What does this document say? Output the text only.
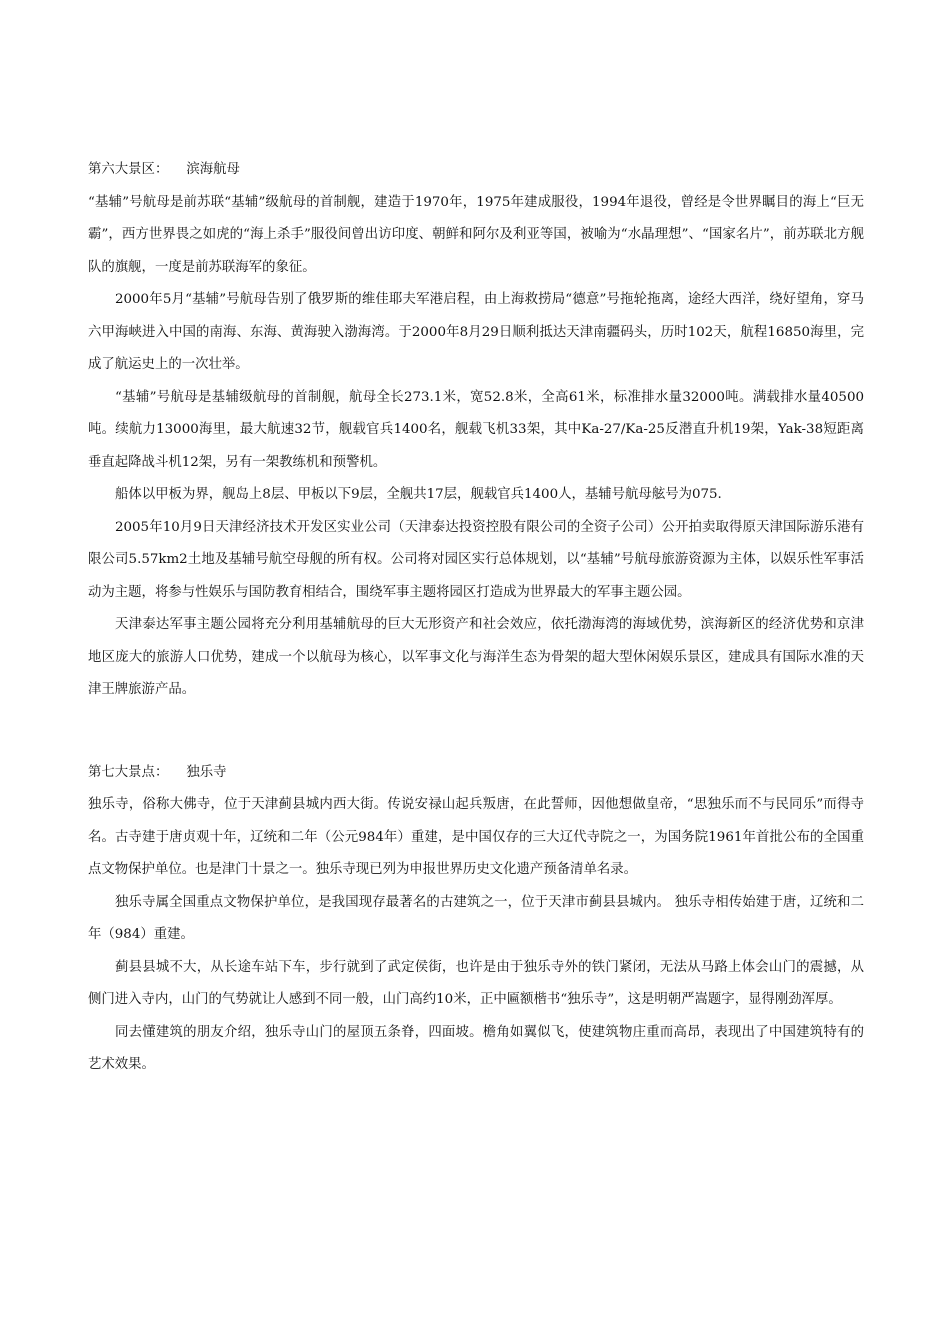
第六大景区： 滨海航母

“基辅”号航母是前苏联“基辅”级航母的首制舰，建造于1970年，1975年建成服役，1994年退役，曾经是令世界瞩目的海上“巨无霸”，西方世界畏之如虎的“海上杀手”服役间曾出访印度、朝鲜和阿尔及利亚等国，被喻为“水晶理想”、“国家名片”，前苏联北方舰队的旗舰，一度是前苏联海军的象征。

2000年5月“基辅”号航母告别了俄罗斯的维佳耶夫军港启程，由上海救捞局“德意”号拖轮拖离，途经大西洋，绕好望角，穿马六甲海峡进入中国的南海、东海、黄海驶入渤海湾。于2000年8月29日顺利抵达天津南疆码头，历时102天，航程16850海里，完成了航运史上的一次壮举。

“基辅”号航母是基辅级航母的首制舰，航母全长273.1米，宽52.8米，全高61米，标准排水量32000吨。满载排水量40500吨。续航力13000海里，最大航速32节，舰载官兵1400名，舰载飞机33架，其中Ka-27/Ka-25反潜直升机19架，Yak-38短距离垂直起降战斗机12架，另有一架教练机和预警机。

船体以甲板为界，舰岛上8层、甲板以下9层，全舰共17层，舰载官兵1400人，基辅号航母舷号为075.

2005年10月9日天津经济技术开发区实业公司（天津泰达投资控股有限公司的全资子公司）公开拍卖取得原天津国际游乐港有限公司5.57km2土地及基辅号航空母舰的所有权。公司将对园区实行总体规划，以“基辅”号航母旅游资源为主体，以娱乐性军事活动为主题，将参与性娱乐与国防教育相结合，围绕军事主题将园区打造成为世界最大的军事主题公园。

天津泰达军事主题公园将充分利用基辅航母的巨大无形资产和社会效应，依托渤海湾的海域优势，滨海新区的经济优势和京津地区庞大的旅游人口优势，建成一个以航母为核心，以军事文化与海洋生态为骨架的超大型休闲娱乐景区，建成具有国际水准的天津王牌旅游产品。

第七大景点： 独乐寺

独乐寺，俗称大佛寺，位于天津蓟县城内西大街。传说安禄山起兵叛唐，在此誓师，因他想做皇帝，“思独乐而不与民同乐”而得寺名。古寺建于唐贞观十年，辽统和二年（公元984年）重建，是中国仅存的三大辽代寺院之一，为国务院1961年首批公布的全国重点文物保护单位。也是津门十景之一。独乐寺现已列为申报世界历史文化遗产预备清单名录。

独乐寺属全国重点文物保护单位，是我国现存最著名的古建筑之一，位于天津市蓟县县城内。 独乐寺相传始建于唐，辽统和二年（984）重建。

蓟县县城不大，从长途车站下车，步行就到了武定侯街，也许是由于独乐寺外的铁门紧闭，无法从马路上体会山门的震撼，从侧门进入寺内，山门的气势就让人感到不同一般，山门高约10米，正中匾额楷书“独乐寺”，这是明朝严嵩题字，显得刚劲浑厚。

同去懂建筑的朋友介绍，独乐寺山门的屋顶五条脊，四面坡。檐角如翼似飞，使建筑物庄重而高昂，表现出了中国建筑特有的艺术效果。
